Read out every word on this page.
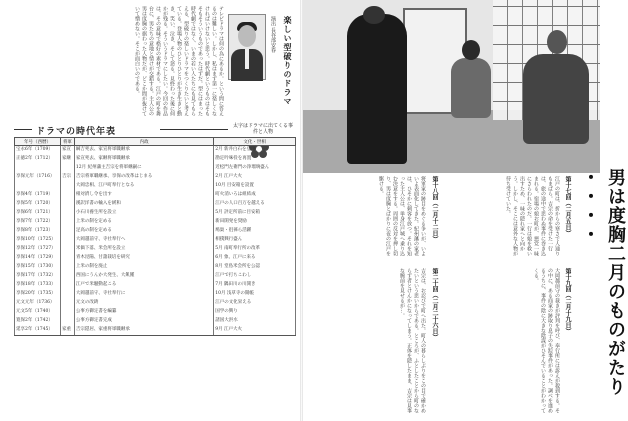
テレビドラマは何の為にあるか。という問に答えるのは難しい。しかし、私はまず第一に楽しくなければいけないと思う。時代劇というものはそもそもそういうものであったはずだ。型にはまった時代劇ではなく、いまの若い人たちにも見てもらえる、型破りの楽しいドラマをつくりたいと考えている。登場人物のひとりひとりが生き生きと動き、笑い、泣き、そして怒る。見終わった後に何かが残る。そういうドラマにしたい。今回の作品は、その意味で格好の素材である。江戸の町を舞台に、男たちの意地と情けが交錯する。主人公の男は度胸の据わった人物だが、どこか間が抜けていて憎めない。そこが面白いのである。	楽しい型破りのドラマ
演出 長谷部安春
ドラマの時代年表
太字はドラマに出てくる事件と人物
年号（西暦）	将軍	内政	文化・世相
宝永6年（1709）	家宣	綱吉死去、家宣将軍職継承	2月 新井白石を登用
正徳2年（1712）	家継	家宣死去、家継将軍職継承	勘定吟味役を再置
		12月 紀州藩主吉宗を将軍継嗣に	近松門左衛門の浄瑠璃盛ん
享保元年（1716）	吉宗	吉宗将軍職継承、享保の改革はじまる	2月 江戸大火
		大岡忠相、江戸町奉行となる	10月 目安箱を設置
享保4年（1719）		相対済し令を出す	町火消いろは組結成
享保5年（1720）		漢訳洋書の輸入を緩和	江戸の人口百万を越える
享保6年（1721）		小石川養生所を設立	5月 評定所前に目安箱
享保7年（1722）		上米の制を定める	新田開発を奨励
享保8年（1723）		足高の制を定める	鳩巣・徂徠ら活躍
享保10年（1725）		大岡越前守、寺社奉行へ	相撲興行盛ん
享保12年（1727）		米価下落、米会所を設立	5月 南町奉行所の改革
享保14年（1729）		青木昆陽、甘藷栽培を研究	6月 象、江戸に来る
享保15年（1730）		上米の制を廃止	8月 堂島米会所を公認
享保17年（1732）		西国にうんか大発生、大飢饉	江戸で打ちこわし
享保18年（1733）		江戸で米騒動起こる	7月 隅田川の川開き
享保20年（1735）		大岡越前守、寺社奉行に	10月 浅草寺の開帳
元文元年（1736）		元文の改鋳	江戸の文化栄える
元文5年（1740）		公事方御定書を編纂	国学の興り
寛保2年（1742）		公事方御定書完成	諸国大洪水
延享2年（1745）	家重	吉宗隠居、家重将軍職継承	9月 江戸大火	男は度胸二月のものがたり ・・・・
第十七回（二月五日）
江戸の町は、折からの寒さで人通りもまばら。吉宗の命を受けた一行は、旅の途中で思わぬ事件に巻き込まれる。宿場の娘お町が、悪党一味にさらわれたのだ。一行は娘を救い出すため、一味の隠れ家へと向かう。しかし、そこには意外な人物が待ち受けていた。
第十八回（二月十二日）
将軍家の跡目をめぐる争いが、いよいよ表面化してきた。紀州藩の家老は、ひそかに刺客を放つ。それを知った主人公は、単身江戸城へ乗り込む決意をする。周囲の反対を押し切り、男は度胸とばかりに夜の江戸を駆ける。
第十九回（二月十九日）
大岡越前守の裁きが評判を呼び、奉行所には訴えが殺到する。その中に、ある商家の跡取り息子の失踪事件があった。調べを進めるうちに、事件の陰に大きな陰謀がひそんでいることがわかってくる。
第二十回（二月二十六日）
吉宗は、お忍びで町へ出た。町人の暮らしぶりをこの目で確かめたいという思いからである。ところが、ふとしたことから町のならず者とけんかになってしまう。正体を隠したまま、吉宗は見事な腕前を見せるが…。
